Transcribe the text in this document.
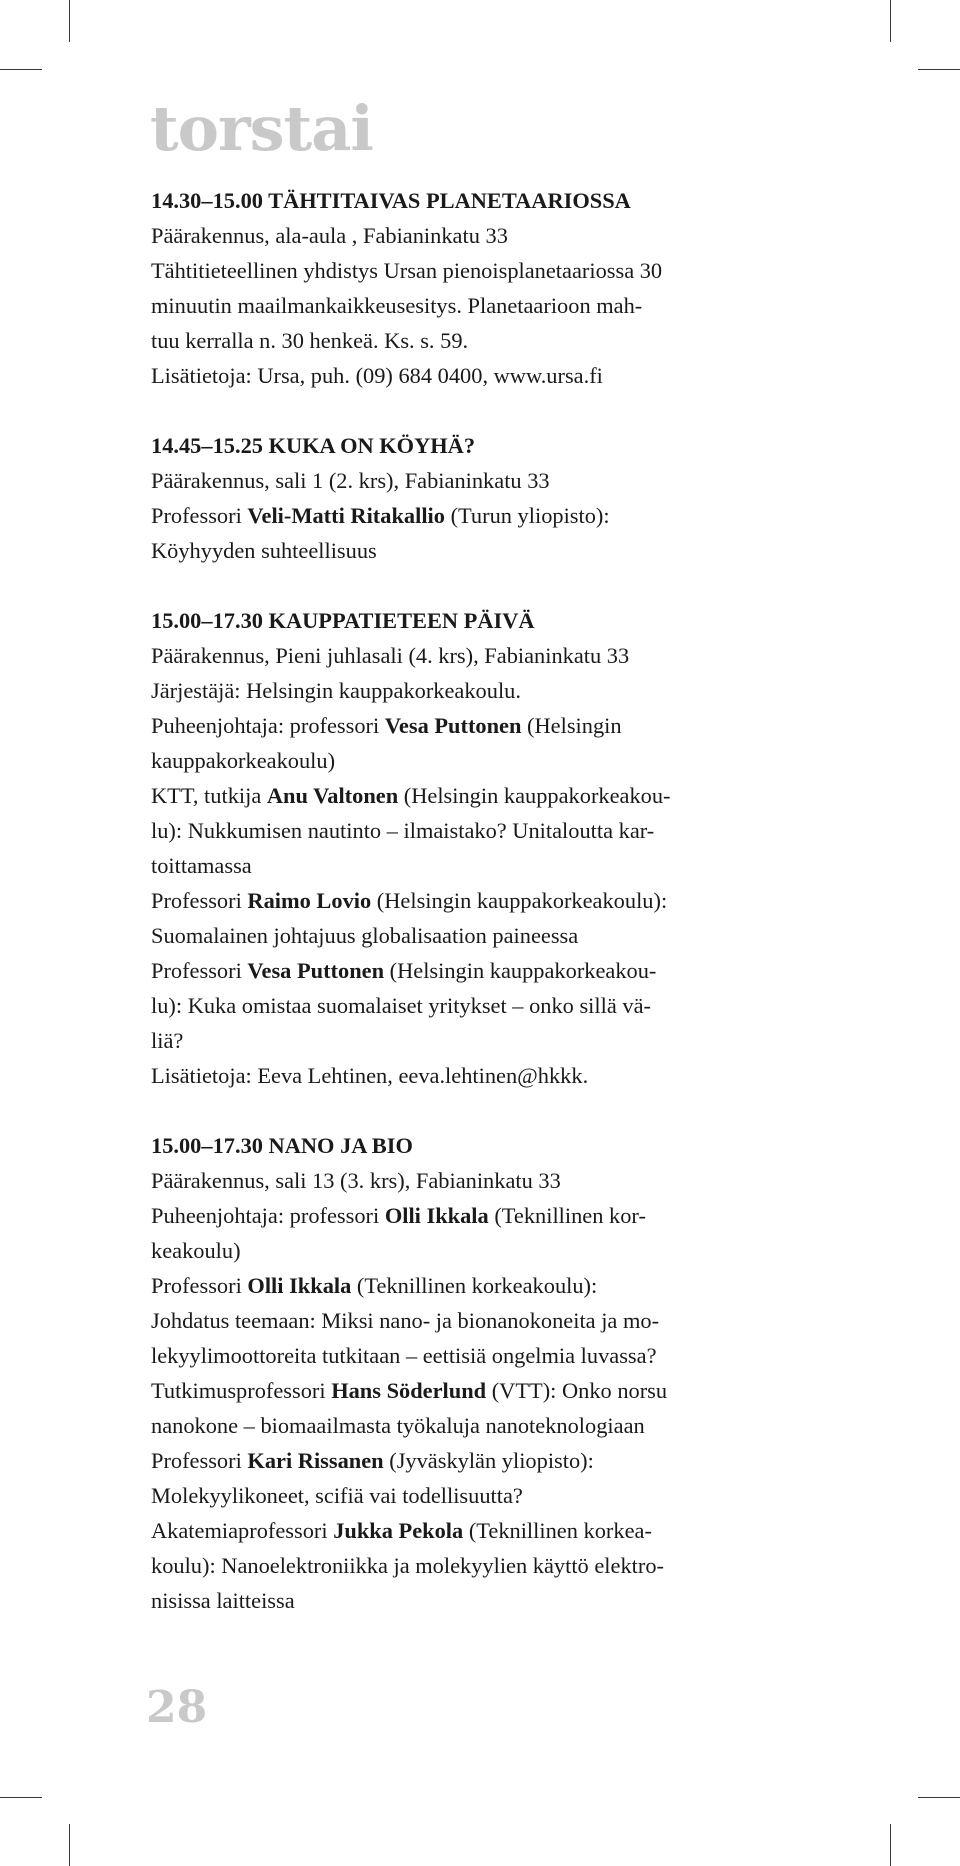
torstai
14.30–15.00 TÄHTITAIVAS PLANETAARIOSSA
Päärakennus, ala-aula , Fabianinkatu 33
Tähtitieteellinen yhdistys Ursan pienoisplanetaariossa 30
minuutin maailmankaikkeusesitys. Planetaarioon mah-
tuu kerralla n. 30 henkeä. Ks. s. 59.
Lisätietoja: Ursa, puh. (09) 684 0400, www.ursa.fi
14.45–15.25 KUKA ON KÖYHÄ?
Päärakennus, sali 1 (2. krs), Fabianinkatu 33
Professori Veli-Matti Ritakallio (Turun yliopisto):
Köyhyyden suhteellisuus
15.00–17.30 KAUPPATIETEEN PÄIVÄ
Päärakennus, Pieni juhlasali (4. krs), Fabianinkatu 33
Järjestäjä: Helsingin kauppakorkeakoulu.
Puheenjohtaja: professori Vesa Puttonen (Helsingin
kauppakorkeakoulu)
KTT, tutkija Anu Valtonen (Helsingin kauppakorkeakou-
lu): Nukkumisen nautinto – ilmaistako? Unitaloutta kar-
toittamassa
Professori Raimo Lovio (Helsingin kauppakorkeakoulu):
Suomalainen johtajuus globalisaation paineessa
Professori Vesa Puttonen (Helsingin kauppakorkeakou-
lu): Kuka omistaa suomalaiset yritykset – onko sillä vä-
liä?
Lisätietoja: Eeva Lehtinen, eeva.lehtinen@hkkk.
15.00–17.30 NANO JA BIO
Päärakennus, sali 13 (3. krs), Fabianinkatu 33
Puheenjohtaja: professori Olli Ikkala (Teknillinen kor-
keakoulu)
Professori Olli Ikkala (Teknillinen korkeakoulu):
Johdatus teemaan: Miksi nano- ja bionanokoneita ja mo-
lekyylimoottoreita tutkitaan – eettisiä ongelmia luvassa?
Tutkimusprofessori Hans Söderlund (VTT): Onko norsu
nanokone – biomaailmasta työkaluja nanoteknologiaan
Professori Kari Rissanen (Jyväskylän yliopisto):
Molekyylikoneet, scifiä vai todellisuutta?
Akatemiaprofessori Jukka Pekola (Teknillinen korkea-
koulu): Nanoelektroniikka ja molekyylien käyttö elektro-
nisissa laitteissa
28
